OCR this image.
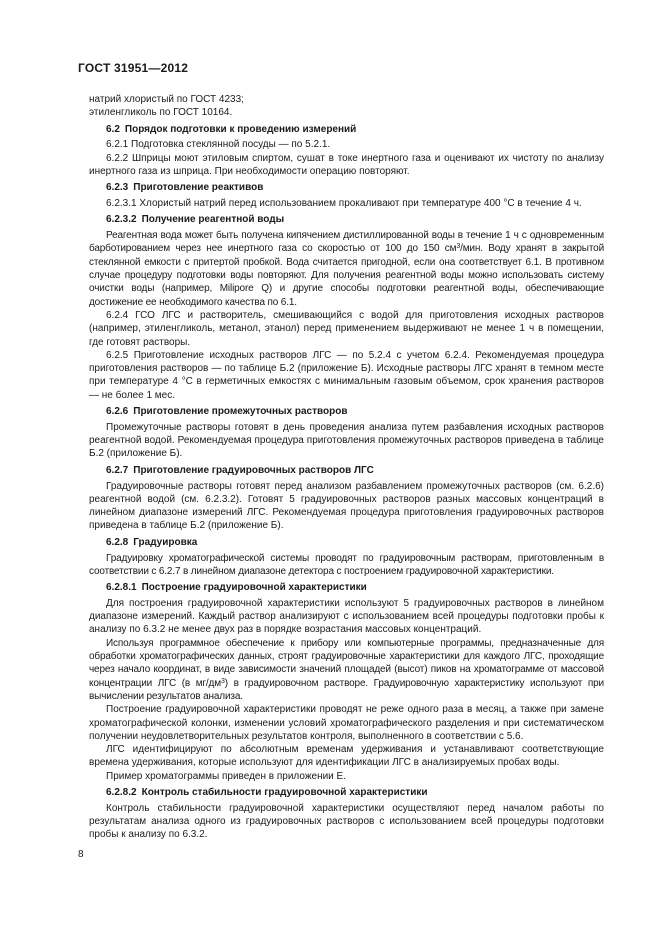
ГОСТ 31951—2012

натрий хлористый по ГОСТ 4233;

этиленгликоль по ГОСТ 10164.

6.2 Порядок подготовки к проведению измерений

6.2.1 Подготовка стеклянной посуды — по 5.2.1.

6.2.2 Шприцы моют этиловым спиртом, сушат в токе инертного газа и оценивают их чистоту по анализу инертного газа из шприца. При необходимости операцию повторяют.

6.2.3 Приготовление реактивов

6.2.3.1 Хлористый натрий перед использованием прокаливают при температуре 400 °С в течение 4 ч.

6.2.3.2 Получение реагентной воды

Реагентная вода может быть получена кипячением дистиллированной воды в течение 1 ч с одновременным барботированием через нее инертного газа со скоростью от 100 до 150 $см^3$/мин. Воду хранят в закрытой стеклянной емкости с притертой пробкой. Вода считается пригодной, если она соответствует 6.1. В противном случае процедуру подготовки воды повторяют. Для получения реагентной воды можно использовать систему очистки воды (например, Milipore Q) и другие способы подготовки реагентной воды, обеспечивающие достижение ее необходимого качества по 6.1.

6.2.4 ГСО ЛГС и растворитель, смешивающийся с водой для приготовления исходных растворов (например, этиленгликоль, метанол, этанол) перед применением выдерживают не менее 1 ч в помещении, где готовят растворы.

6.2.5 Приготовление исходных растворов ЛГС — по 5.2.4 с учетом 6.2.4. Рекомендуемая процедура приготовления растворов — по таблице Б.2 (приложение Б). Исходные растворы ЛГС хранят в темном месте при температуре 4 °С в герметичных емкостях с минимальным газовым объемом, срок хранения растворов — не более 1 мес.

6.2.6 Приготовление промежуточных растворов

Промежуточные растворы готовят в день проведения анализа путем разбавления исходных растворов реагентной водой. Рекомендуемая процедура приготовления промежуточных растворов приведена в таблице Б.2 (приложение Б).

6.2.7 Приготовление градуировочных растворов ЛГС

Градуировочные растворы готовят перед анализом разбавлением промежуточных растворов (см. 6.2.6) реагентной водой (см. 6.2.3.2). Готовят 5 градуировочных растворов разных массовых концентраций в линейном диапазоне измерений ЛГС. Рекомендуемая процедура приготовления градуировочных растворов приведена в таблице Б.2 (приложение Б).

6.2.8 Градуировка

Градуировку хроматографической системы проводят по градуировочным растворам, приготовленным в соответствии с 6.2.7 в линейном диапазоне детектора с построением градуировочной характеристики.

6.2.8.1 Построение градуировочной характеристики

Для построения градуировочной характеристики используют 5 градуировочных растворов в линейном диапазоне измерений. Каждый раствор анализируют с использованием всей процедуры подготовки пробы к анализу по 6.3.2 не менее двух раз в порядке возрастания массовых концентраций.

Используя программное обеспечение к прибору или компьютерные программы, предназначенные для обработки хроматографических данных, строят градуировочные характеристики для каждого ЛГС, проходящие через начало координат, в виде зависимости значений площадей (высот) пиков на хроматограмме от массовой концентрации ЛГС (в $мг/дм^3$) в градуировочном растворе. Градуировочную характеристику используют при вычислении результатов анализа.

Построение градуировочной характеристики проводят не реже одного раза в месяц, а также при замене хроматографической колонки, изменении условий хроматографического разделения и при систематическом получении неудовлетворительных результатов контроля, выполненного в соответствии с 5.6.

ЛГС идентифицируют по абсолютным временам удерживания и устанавливают соответствующие времена удерживания, которые используют для идентификации ЛГС в анализируемых пробах воды.

Пример хроматограммы приведен в приложении Е.

6.2.8.2 Контроль стабильности градуировочной характеристики

Контроль стабильности градуировочной характеристики осуществляют перед началом работы по результатам анализа одного из градуировочных растворов с использованием всей процедуры подготовки пробы к анализу по 6.3.2.

8
